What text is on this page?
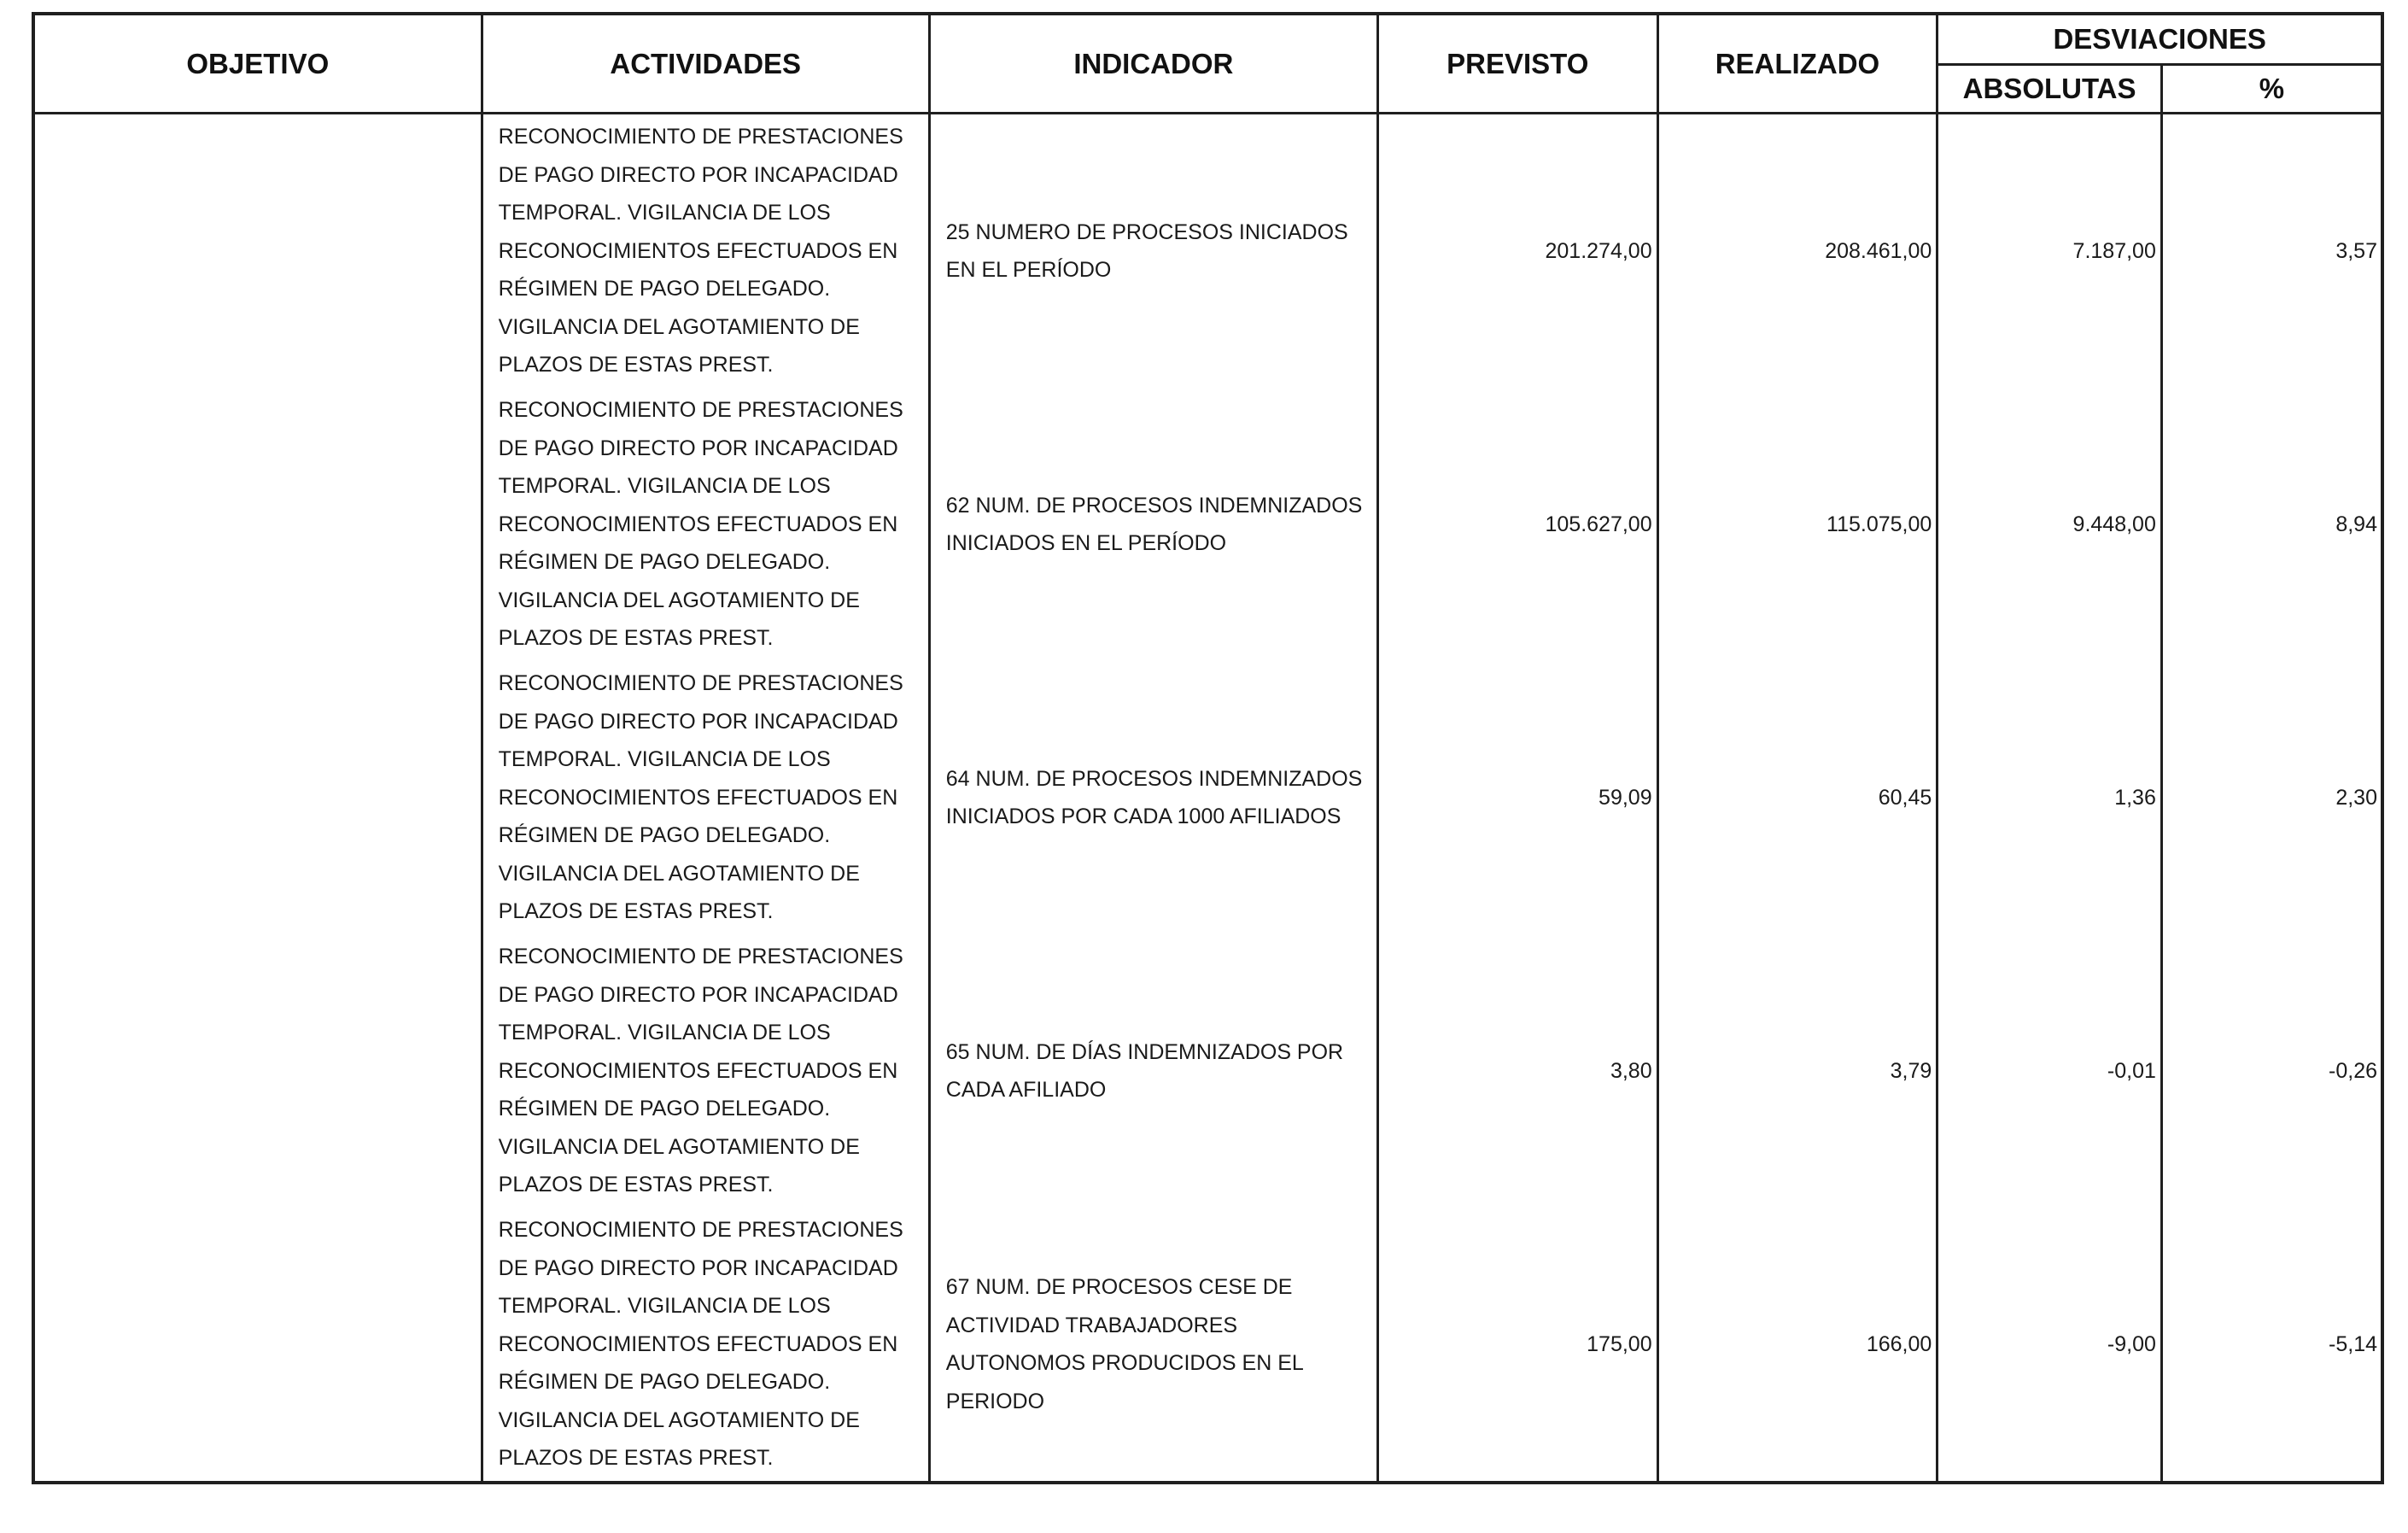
OBJETIVO	ACTIVIDADES	INDICADOR	PREVISTO	REALIZADO	DESVIACIONES	
					ABSOLUTAS	%
	RECONOCIMIENTO DE PRESTACIONES DE PAGO DIRECTO POR INCAPACIDAD TEMPORAL. VIGILANCIA DE LOS RECONOCIMIENTOS EFECTUADOS EN RÉGIMEN DE PAGO DELEGADO. VIGILANCIA DEL AGOTAMIENTO DE PLAZOS DE ESTAS PREST.	25 NUMERO DE PROCESOS INICIADOS EN EL PERÍODO	201.274,00	208.461,00	7.187,00	3,57
	RECONOCIMIENTO DE PRESTACIONES DE PAGO DIRECTO POR INCAPACIDAD TEMPORAL. VIGILANCIA DE LOS RECONOCIMIENTOS EFECTUADOS EN RÉGIMEN DE PAGO DELEGADO. VIGILANCIA DEL AGOTAMIENTO DE PLAZOS DE ESTAS PREST.	62 NUM. DE PROCESOS INDEMNIZADOS INICIADOS EN EL PERÍODO	105.627,00	115.075,00	9.448,00	8,94
	RECONOCIMIENTO DE PRESTACIONES DE PAGO DIRECTO POR INCAPACIDAD TEMPORAL. VIGILANCIA DE LOS RECONOCIMIENTOS EFECTUADOS EN RÉGIMEN DE PAGO DELEGADO. VIGILANCIA DEL AGOTAMIENTO DE PLAZOS DE ESTAS PREST.	64 NUM. DE PROCESOS INDEMNIZADOS INICIADOS POR CADA 1000 AFILIADOS	59,09	60,45	1,36	2,30
	RECONOCIMIENTO DE PRESTACIONES DE PAGO DIRECTO POR INCAPACIDAD TEMPORAL. VIGILANCIA DE LOS RECONOCIMIENTOS EFECTUADOS EN RÉGIMEN DE PAGO DELEGADO. VIGILANCIA DEL AGOTAMIENTO DE PLAZOS DE ESTAS PREST.	65 NUM. DE DÍAS INDEMNIZADOS POR CADA AFILIADO	3,80	3,79	-0,01	-0,26
	RECONOCIMIENTO DE PRESTACIONES DE PAGO DIRECTO POR INCAPACIDAD TEMPORAL. VIGILANCIA DE LOS RECONOCIMIENTOS EFECTUADOS EN RÉGIMEN DE PAGO DELEGADO. VIGILANCIA DEL AGOTAMIENTO DE PLAZOS DE ESTAS PREST.	67 NUM. DE PROCESOS CESE DE ACTIVIDAD TRABAJADORES AUTONOMOS PRODUCIDOS EN EL PERIODO	175,00	166,00	-9,00	-5,14
